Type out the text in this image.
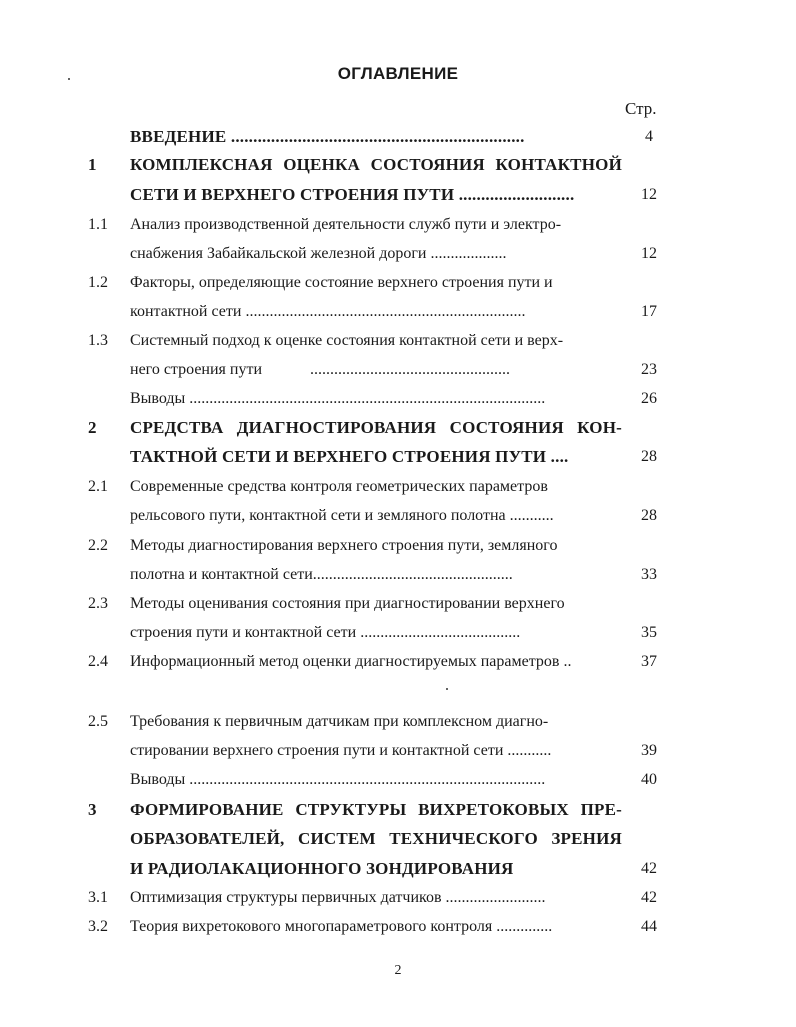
ОГЛАВЛЕНИЕ
Стр.
ВВЕДЕНИЕ ..................................................................	4
1 КОМПЛЕКСНАЯ ОЦЕНКА СОСТОЯНИЯ КОНТАКТНОЙ
СЕТИ И ВЕРХНЕГО СТРОЕНИЯ ПУТИ ..........................	12
1.1 Анализ производственной деятельности служб пути и электро-
снабжения Забайкальской железной дороги ...................	12
1.2 Факторы, определяющие состояние верхнего строения пути и
контактной сети ......................................................................	17
1.3 Системный подход к оценке состояния контактной сети и верх-
него строения пути            ..................................................	23
Выводы .........................................................................................	26
2 СРЕДСТВА ДИАГНОСТИРОВАНИЯ СОСТОЯНИЯ КОН-
ТАКТНОЙ СЕТИ И ВЕРХНЕГО СТРОЕНИЯ ПУТИ ....	28
2.1 Современные средства контроля геометрических параметров
рельсового пути, контактной сети и земляного полотна ...........	28
2.2 Методы диагностирования верхнего строения пути, земляного
полотна и контактной сети..................................................	33
2.3 Методы оценивания состояния при диагностировании верхнего
строения пути и контактной сети ........................................	35
2.4 Информационный метод оценки диагностируемых параметров ..	37
2.5 Требования к первичным датчикам при комплексном диагно-
стировании верхнего строения пути и контактной сети ...........	39
Выводы .........................................................................................	40
3 ФОРМИРОВАНИЕ СТРУКТУРЫ ВИХРЕТОКОВЫХ ПРЕ-
ОБРАЗОВАТЕЛЕЙ, СИСТЕМ ТЕХНИЧЕСКОГО ЗРЕНИЯ
И РАДИОЛАКАЦИОННОГО ЗОНДИРОВАНИЯ	42
3.1 Оптимизация структуры первичных датчиков .........................	42
3.2 Теория вихретокового многопараметрового контроля ..............	44
2
